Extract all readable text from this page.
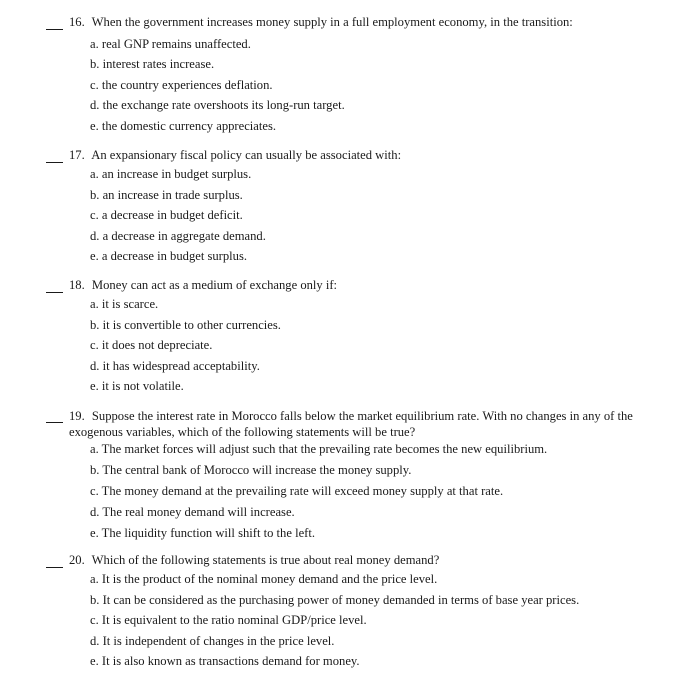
16. When the government increases money supply in a full employment economy, in the transition:

a. real GNP remains unaffected.
b. interest rates increase.
c. the country experiences deflation.
d. the exchange rate overshoots its long-run target.
e. the domestic currency appreciates.

17. An expansionary fiscal policy can usually be associated with:

a. an increase in budget surplus.
b. an increase in trade surplus.
c. a decrease in budget deficit.
d. a decrease in aggregate demand.
e. a decrease in budget surplus.

18. Money can act as a medium of exchange only if:

a. it is scarce.
b. it is convertible to other currencies.
c. it does not depreciate.
d. it has widespread acceptability.
e. it is not volatile.

19. Suppose the interest rate in Morocco falls below the market equilibrium rate. With no changes in any of the exogenous variables, which of the following statements will be true?

a. The market forces will adjust such that the prevailing rate becomes the new equilibrium.
b. The central bank of Morocco will increase the money supply.
c. The money demand at the prevailing rate will exceed money supply at that rate.
d. The real money demand will increase.
e. The liquidity function will shift to the left.

20. Which of the following statements is true about real money demand?

a. It is the product of the nominal money demand and the price level.
b. It can be considered as the purchasing power of money demanded in terms of base year prices.
c. It is equivalent to the ratio nominal GDP/price level.
d. It is independent of changes in the price level.
e. It is also known as transactions demand for money.
